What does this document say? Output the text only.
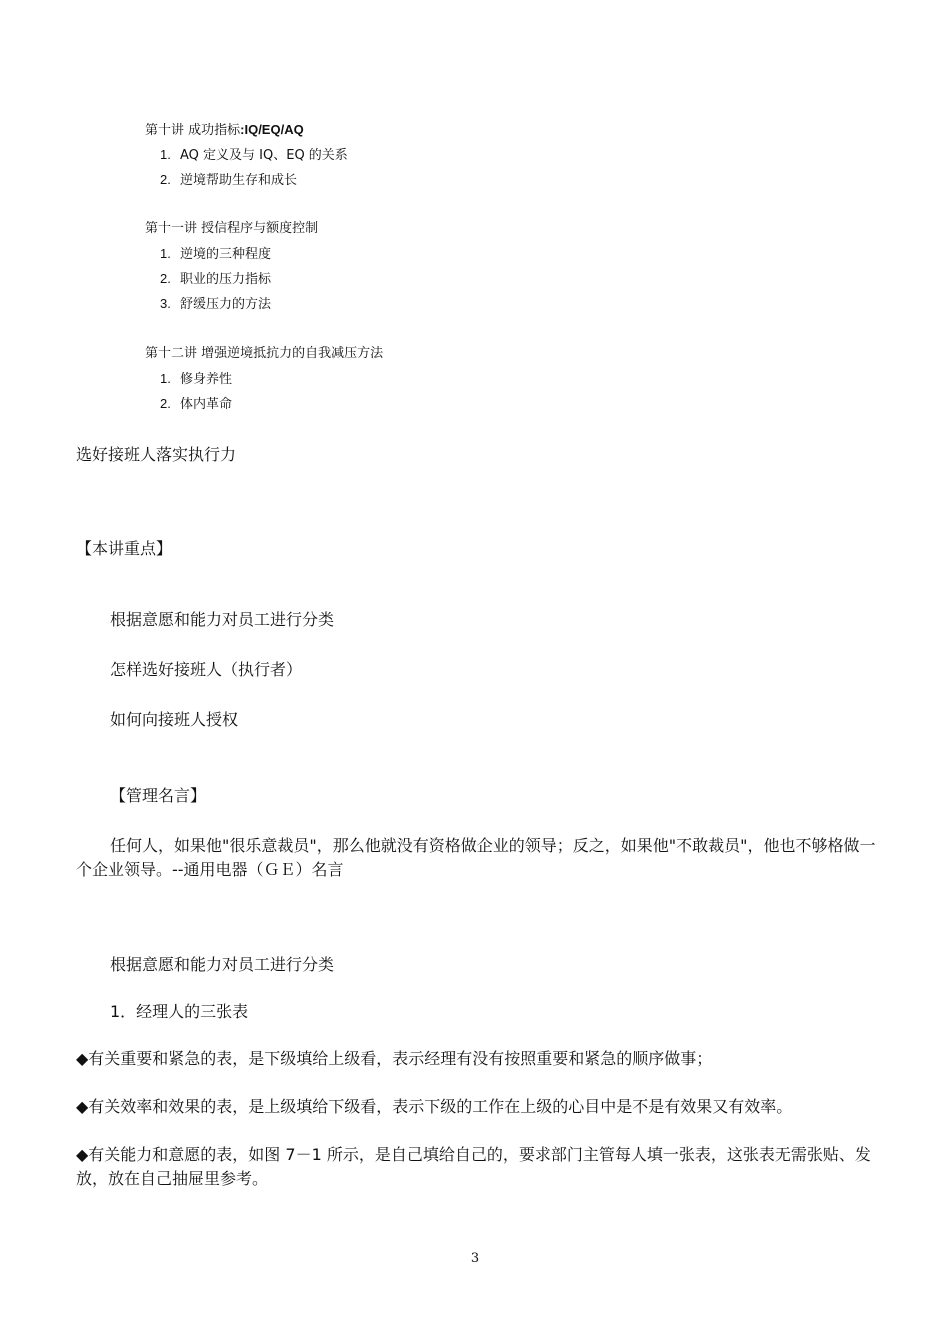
第十讲 成功指标:IQ/EQ/AQ
1. AQ 定义及与 IQ、EQ 的关系
2. 逆境帮助生存和成长
第十一讲 授信程序与额度控制
1. 逆境的三种程度
2. 职业的压力指标
3. 舒缓压力的方法
第十二讲 增强逆境抵抗力的自我减压方法
1. 修身养性
2. 体内革命
选好接班人落实执行力
【本讲重点】
根据意愿和能力对员工进行分类
怎样选好接班人（执行者）
如何向接班人授权
【管理名言】
任何人，如果他"很乐意裁员"，那么他就没有资格做企业的领导；反之，如果他"不敢裁员"，他也不够格做一个企业领导。--通用电器（ＧＥ）名言
根据意愿和能力对员工进行分类
1．经理人的三张表
◆有关重要和紧急的表，是下级填给上级看，表示经理有没有按照重要和紧急的顺序做事；
◆有关效率和效果的表，是上级填给下级看，表示下级的工作在上级的心目中是不是有效果又有效率。
◆有关能力和意愿的表，如图 7－1 所示，是自己填给自己的，要求部门主管每人填一张表，这张表无需张贴、发放，放在自己抽屉里参考。
3
